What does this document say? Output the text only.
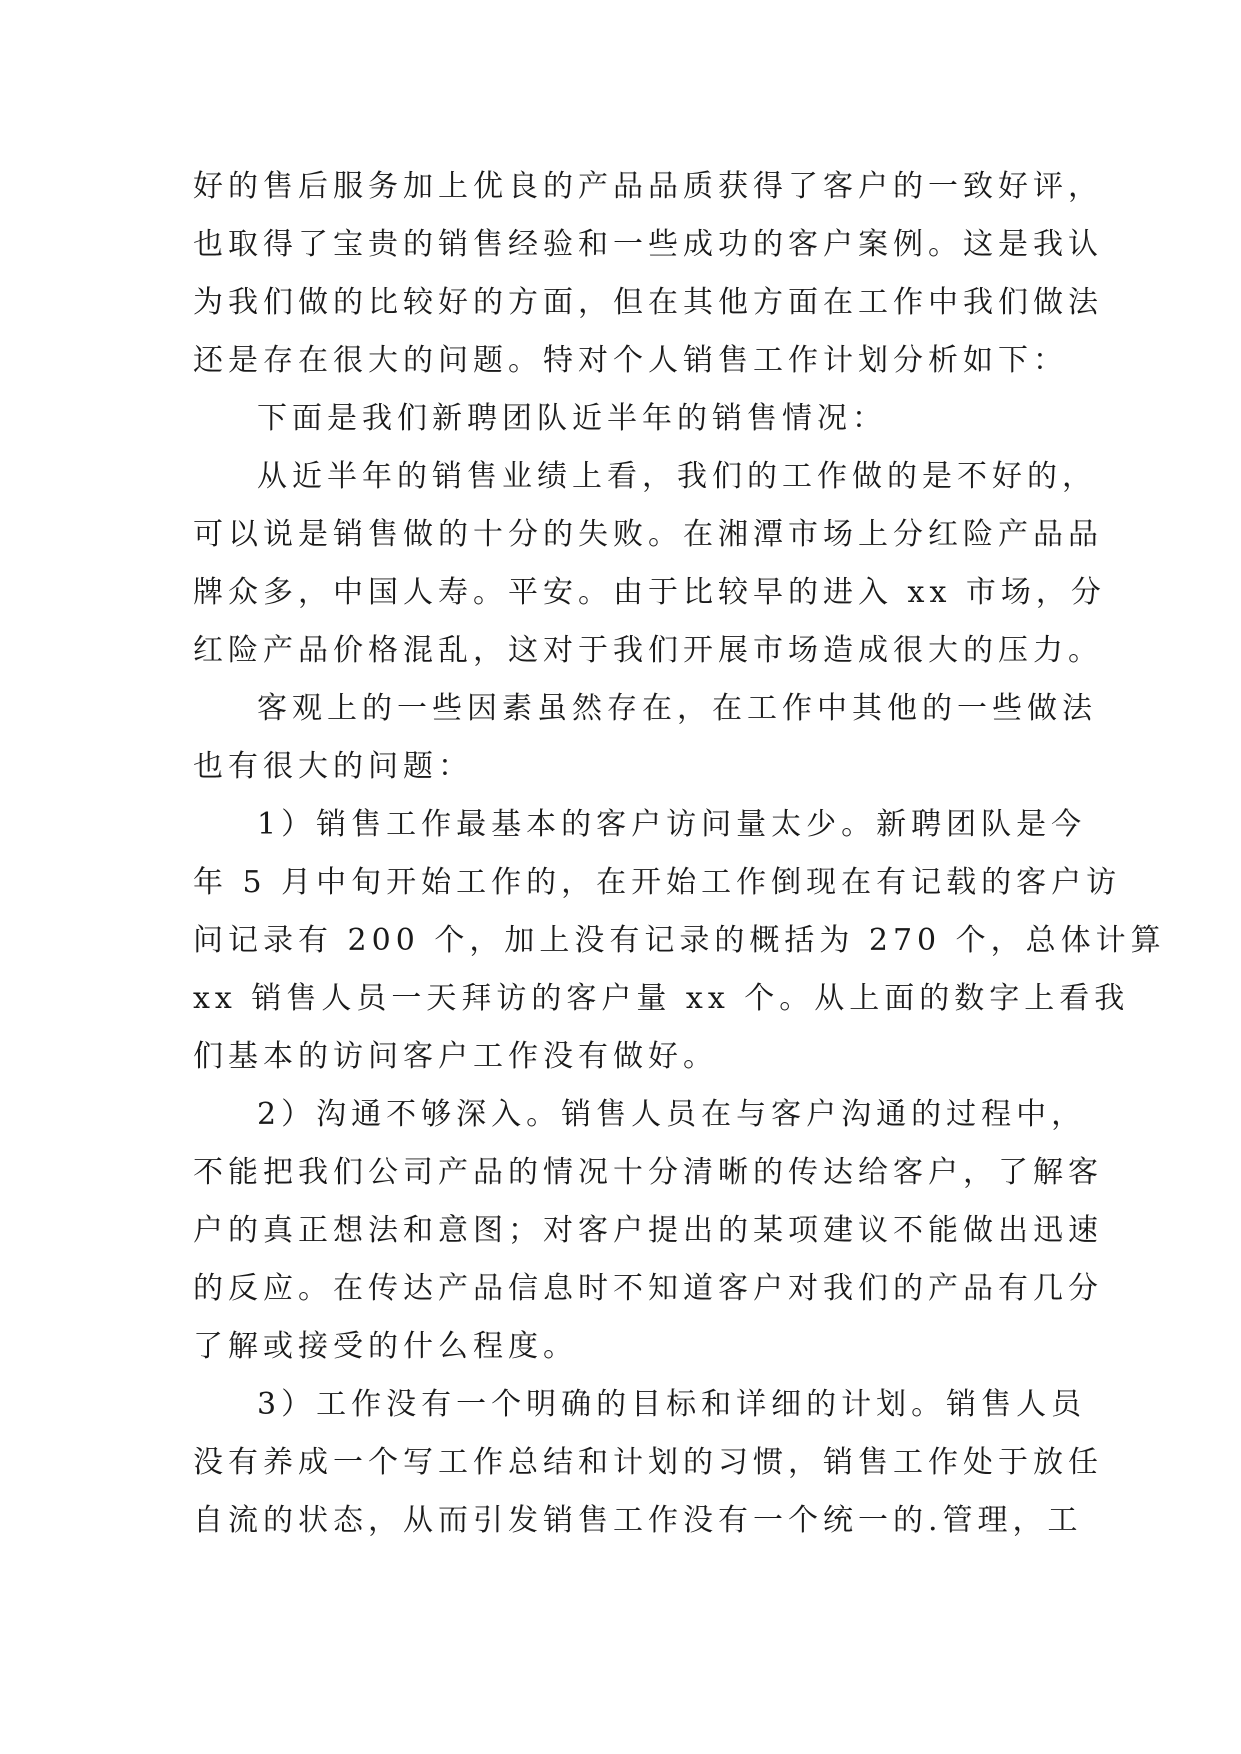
好的售后服务加上优良的产品品质获得了客户的一致好评，
也取得了宝贵的销售经验和一些成功的客户案例。这是我认
为我们做的比较好的方面，但在其他方面在工作中我们做法
还是存在很大的问题。特对个人销售工作计划分析如下：
下面是我们新聘团队近半年的销售情况：
从近半年的销售业绩上看，我们的工作做的是不好的，
可以说是销售做的十分的失败。在湘潭市场上分红险产品品
牌众多，中国人寿。平安。由于比较早的进入 xx 市场，分
红险产品价格混乱，这对于我们开展市场造成很大的压力。
客观上的一些因素虽然存在，在工作中其他的一些做法
也有很大的问题：
1）销售工作最基本的客户访问量太少。新聘团队是今
年 5 月中旬开始工作的，在开始工作倒现在有记载的客户访
问记录有 200 个，加上没有记录的概括为 270 个，总体计算
xx 销售人员一天拜访的客户量 xx 个。从上面的数字上看我
们基本的访问客户工作没有做好。
2）沟通不够深入。销售人员在与客户沟通的过程中，
不能把我们公司产品的情况十分清晰的传达给客户，了解客
户的真正想法和意图；对客户提出的某项建议不能做出迅速
的反应。在传达产品信息时不知道客户对我们的产品有几分
了解或接受的什么程度。
3）工作没有一个明确的目标和详细的计划。销售人员
没有养成一个写工作总结和计划的习惯，销售工作处于放任
自流的状态，从而引发销售工作没有一个统一的.管理，工
